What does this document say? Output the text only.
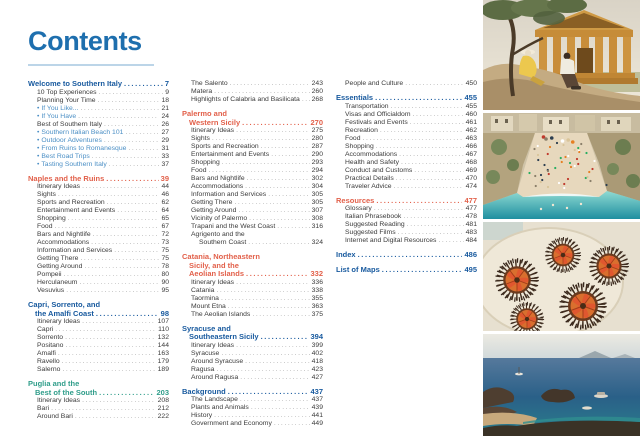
Contents
Welcome to Southern Italy .....	7
10 Top Experiences .....	9
Planning Your Time .....	18
• If You Like... .....	21
• If You Have .....	24
Best of Southern Italy .....	26
• Southern Italian Beach 101 .....	27
• Outdoor Adventures .....	29
• From Ruins to Romanesque .....	31
• Best Road Trips .....	33
• Tasting Southern Italy .....	37
Naples and the Ruins .....	39
Itinerary Ideas .....	44
Sights .....	46
Sports and Recreation .....	62
Entertainment and Events .....	64
Shopping .....	65
Food .....	67
Bars and Nightlife .....	72
Accommodations .....	73
Information and Services .....	75
Getting There .....	75
Getting Around .....	78
Pompeii .....	80
Herculaneum .....	90
Vesuvius .....	95
Capri, Sorrento, and
the Amalfi Coast .....	98
Itinerary Ideas .....	107
Capri .....	110
Sorrento .....	132
Positano .....	144
Amalfi .....	163
Ravello .....	179
Salerno .....	189
Puglia and the
Best of the South .....	203
Itinerary Ideas .....	208
Bari .....	212
Around Bari .....	222
The Salento .....	243
Matera .....	260
Highlights of Calabria and Basilicata ..... 268
Palermo and
Western Sicily .....	270
Itinerary Ideas .....	275
Sights .....	280
Sports and Recreation .....	287
Entertainment and Events .....	290
Shopping .....	293
Food .....	294
Bars and Nightlife .....	302
Accommodations .....	304
Information and Services .....	305
Getting There .....	305
Getting Around .....	307
Vicinity of Palermo .....	308
Trapani and the West Coast .....	316
Agrigento and the
Southern Coast .....	324
Catania, Northeastern
Sicily, and the
Aeolian Islands .....	332
Itinerary Ideas .....	336
Catania .....	338
Taormina .....	355
Mount Etna .....	363
The Aeolian Islands .....	375
Syracuse and
Southeastern Sicily .....	394
Itinerary Ideas .....	399
Syracuse .....	402
Around Syracuse .....	418
Ragusa .....	423
Around Ragusa .....	427
Background .....	437
The Landscape .....	437
Plants and Animals .....	439
History .....	441
Government and Economy .....	449
People and Culture .....	450
Essentials .....	455
Transportation .....	455
Visas and Officialdom .....	460
Festivals and Events .....	461
Recreation .....	462
Food .....	463
Shopping .....	466
Accommodations .....	467
Health and Safety .....	468
Conduct and Customs .....	469
Practical Details .....	470
Traveler Advice .....	474
Resources .....	477
Glossary .....	477
Italian Phrasebook .....	478
Suggested Reading .....	481
Suggested Films .....	483
Internet and Digital Resources .....	484
Index .....	486
List of Maps .....	495
